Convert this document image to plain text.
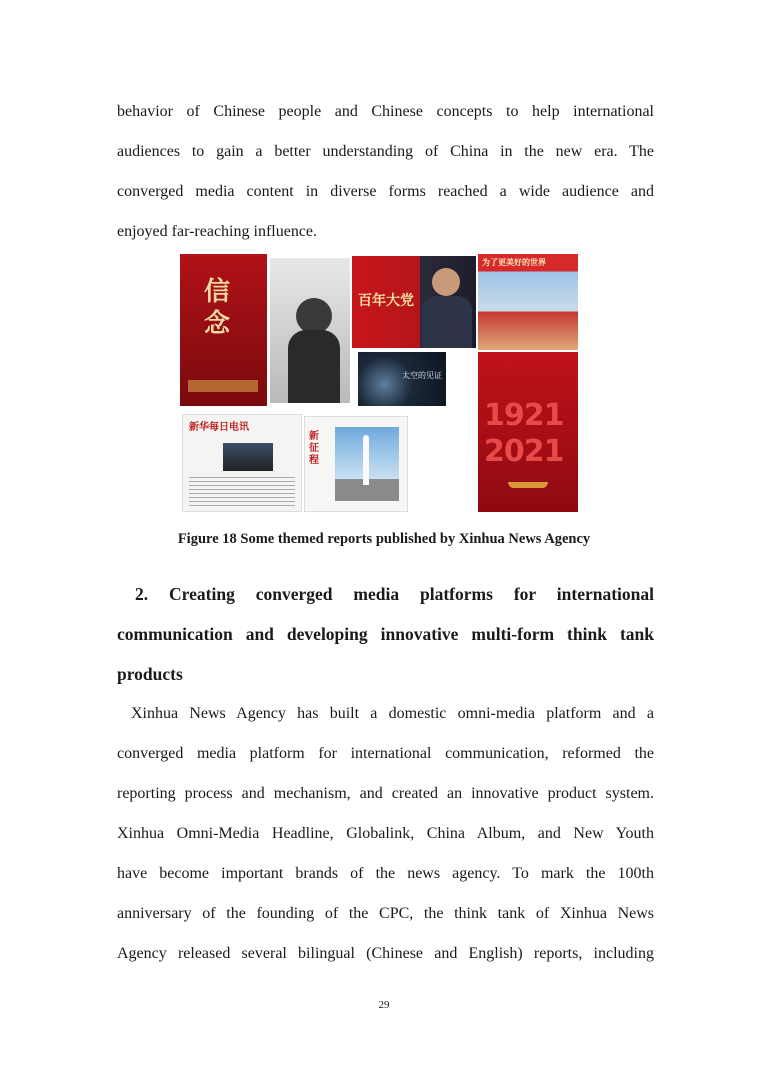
behavior of Chinese people and Chinese concepts to help international
audiences to gain a better understanding of China in the new era. The
converged media content in diverse forms reached a wide audience and
enjoyed far-reaching influence.
信念
百年大党
太空的见证
为了更美好的世界
1921
2021
新华每日电讯
新征程
Figure 18 Some themed reports published by Xinhua News Agency
2. Creating converged media platforms for international
communication and developing innovative multi-form think tank
products
Xinhua News Agency has built a domestic omni-media platform and a
converged media platform for international communication, reformed the
reporting process and mechanism, and created an innovative product system.
Xinhua Omni-Media Headline, Globalink, China Album, and New Youth
have become important brands of the news agency. To mark the 100th
anniversary of the founding of the CPC, the think tank of Xinhua News
Agency released several bilingual (Chinese and English) reports, including
29
